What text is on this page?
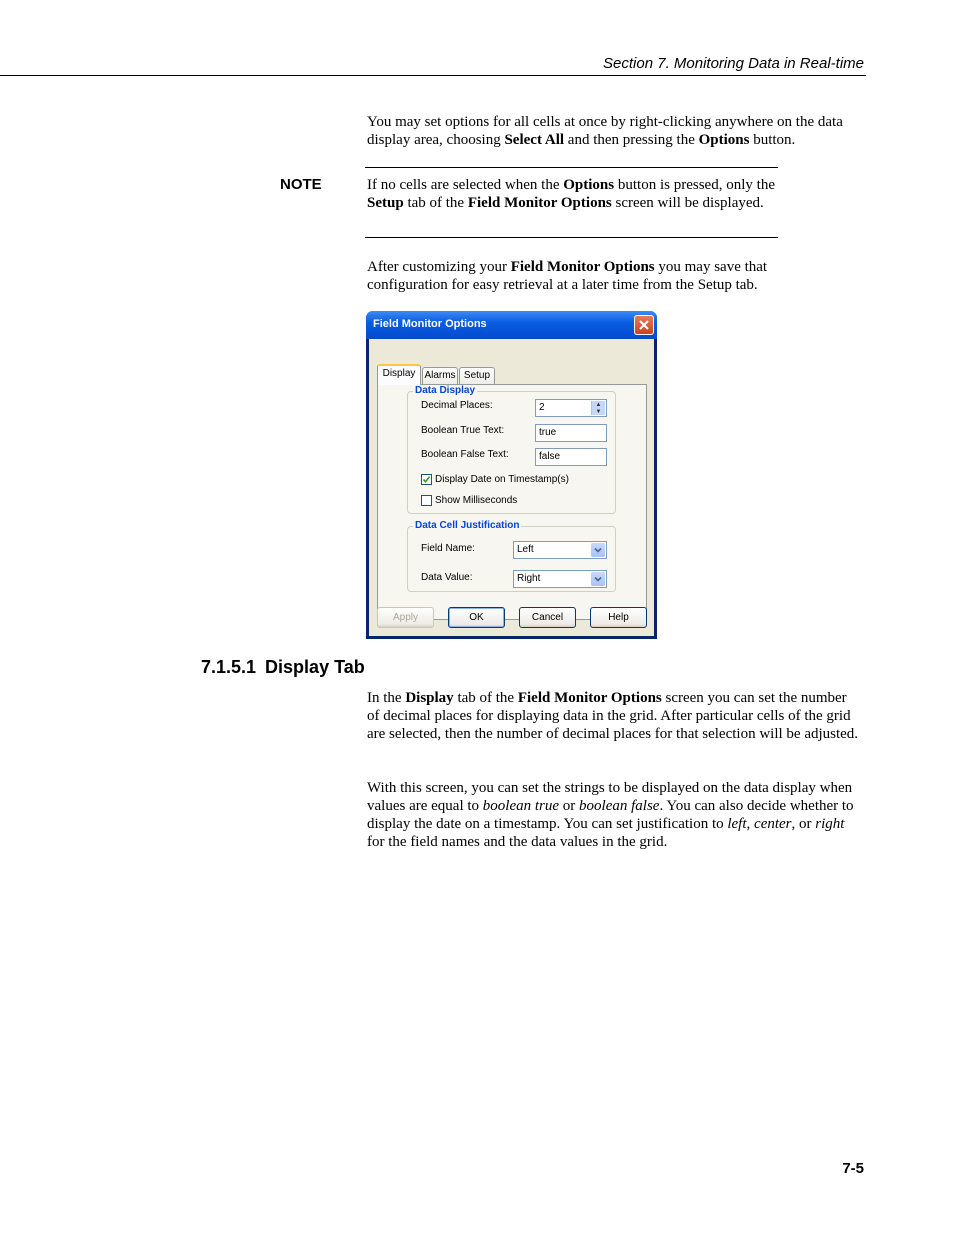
Section 7. Monitoring Data in Real-time
You may set options for all cells at once by right-clicking anywhere on the data display area, choosing Select All and then pressing the Options button.
NOTE	If no cells are selected when the Options button is pressed, only the Setup tab of the Field Monitor Options screen will be displayed.
After customizing your Field Monitor Options you may save that configuration for easy retrieval at a later time from the Setup tab.
Field Monitor Options
Display Alarms Setup
Data Display
Decimal Places:	2	▲
▼
Boolean True Text:	true
Boolean False Text:	false
Display Date on Timestamp(s)
Show Milliseconds
Data Cell Justification
Field Name:	Left
Data Value:	Right
Apply	OK	Cancel	Help
7.1.5.1 Display Tab
In the Display tab of the Field Monitor Options screen you can set the number of decimal places for displaying data in the grid. After particular cells of the grid are selected, then the number of decimal places for that selection will be adjusted.
With this screen, you can set the strings to be displayed on the data display when values are equal to boolean true or boolean false. You can also decide whether to display the date on a timestamp. You can set justification to left, center, or right for the field names and the data values in the grid.
7-5
